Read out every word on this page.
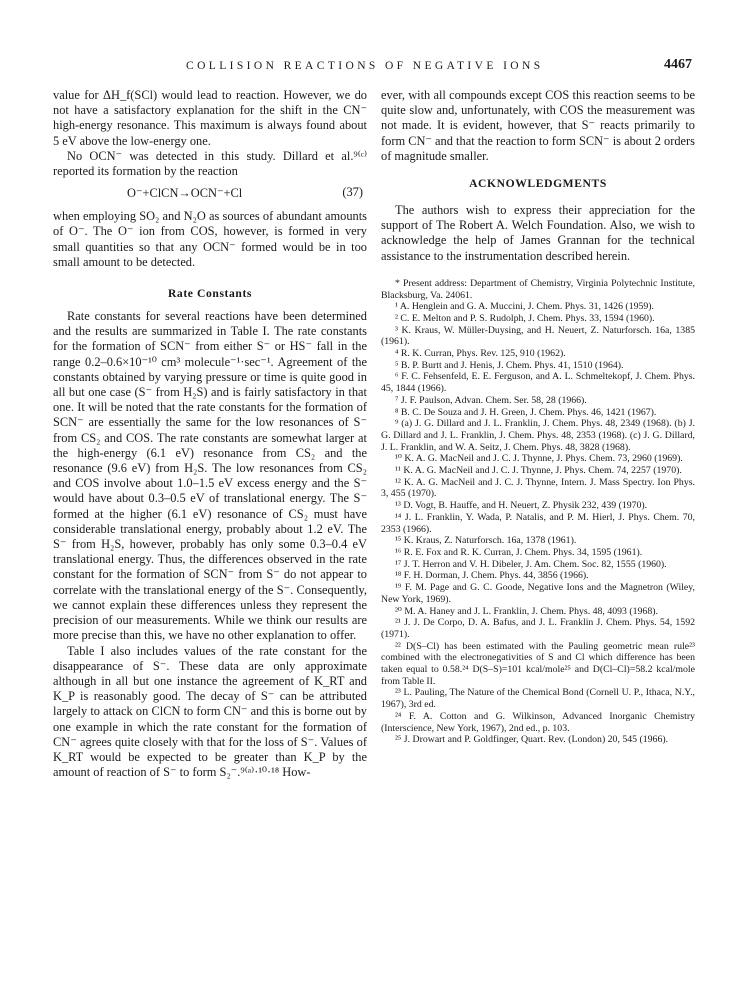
COLLISION REACTIONS OF NEGATIVE IONS	4467

value for ΔH_f(SCl) would lead to reaction. However, we do not have a satisfactory explanation for the shift in the CN⁻ high-energy resonance. This maximum is always found about 5 eV above the low-energy one.

No OCN⁻ was detected in this study. Dillard et al.⁹⁽ᶜ⁾ reported its formation by the reaction

O⁻+ClCN→OCN⁻+Cl	(37)

when employing SO₂ and N₂O as sources of abundant amounts of O⁻. The O⁻ ion from COS, however, is formed in very small quantities so that any OCN⁻ formed would be in too small amount to be detected.

Rate Constants

Rate constants for several reactions have been determined and the results are summarized in Table I. The rate constants for the formation of SCN⁻ from either S⁻ or HS⁻ fall in the range 0.2–0.6×10⁻¹⁰ cm³ molecule⁻¹·sec⁻¹. Agreement of the constants obtained by varying pressure or time is quite good in all but one case (S⁻ from H₂S) and is fairly satisfactory in that one. It will be noted that the rate constants for the formation of SCN⁻ are essentially the same for the low resonances of S⁻ from CS₂ and COS. The rate constants are somewhat larger at the high-energy (6.1 eV) resonance from CS₂ and the resonance (9.6 eV) from H₂S. The low resonances from CS₂ and COS involve about 1.0–1.5 eV excess energy and the S⁻ would have about 0.3–0.5 eV of translational energy. The S⁻ formed at the higher (6.1 eV) resonance of CS₂ must have considerable translational energy, probably about 1.2 eV. The S⁻ from H₂S, however, probably has only some 0.3–0.4 eV translational energy. Thus, the differences observed in the rate constant for the formation of SCN⁻ from S⁻ do not appear to correlate with the translational energy of the S⁻. Consequently, we cannot explain these differences unless they represent the precision of our measurements. While we think our results are more precise than this, we have no other explanation to offer.

Table I also includes values of the rate constant for the disappearance of S⁻. These data are only approximate although in all but one instance the agreement of K_RT and K_P is reasonably good. The decay of S⁻ can be attributed largely to attack on ClCN to form CN⁻ and this is borne out by one example in which the rate constant for the formation of CN⁻ agrees quite closely with that for the loss of S⁻. Values of K_RT would be expected to be greater than K_P by the amount of reaction of S⁻ to form S₂⁻.⁹⁽ᵃ⁾·¹⁰·¹⁸ How-

ever, with all compounds except COS this reaction seems to be quite slow and, unfortunately, with COS the measurement was not made. It is evident, however, that S⁻ reacts primarily to form CN⁻ and that the reaction to form SCN⁻ is about 2 orders of magnitude smaller.

ACKNOWLEDGMENTS

The authors wish to express their appreciation for the support of The Robert A. Welch Foundation. Also, we wish to acknowledge the help of James Grannan for the technical assistance to the instrumentation described herein.

* Present address: Department of Chemistry, Virginia Polytechnic Institute, Blacksburg, Va. 24061.

¹ A. Henglein and G. A. Muccini, J. Chem. Phys. 31, 1426 (1959).

² C. E. Melton and P. S. Rudolph, J. Chem. Phys. 33, 1594 (1960).

³ K. Kraus, W. Müller-Duysing, and H. Neuert, Z. Naturforsch. 16a, 1385 (1961).

⁴ R. K. Curran, Phys. Rev. 125, 910 (1962).

⁵ B. P. Burtt and J. Henis, J. Chem. Phys. 41, 1510 (1964).

⁶ F. C. Fehsenfeld, E. E. Ferguson, and A. L. Schmeltekopf, J. Chem. Phys. 45, 1844 (1966).

⁷ J. F. Paulson, Advan. Chem. Ser. 58, 28 (1966).

⁸ B. C. De Souza and J. H. Green, J. Chem. Phys. 46, 1421 (1967).

⁹ (a) J. G. Dillard and J. L. Franklin, J. Chem. Phys. 48, 2349 (1968). (b) J. G. Dillard and J. L. Franklin, J. Chem. Phys. 48, 2353 (1968). (c) J. G. Dillard, J. L. Franklin, and W. A. Seitz, J. Chem. Phys. 48, 3828 (1968).

¹⁰ K. A. G. MacNeil and J. C. J. Thynne, J. Phys. Chem. 73, 2960 (1969).

¹¹ K. A. G. MacNeil and J. C. J. Thynne, J. Phys. Chem. 74, 2257 (1970).

¹² K. A. G. MacNeil and J. C. J. Thynne, Intern. J. Mass Spectry. Ion Phys. 3, 455 (1970).

¹³ D. Vogt, B. Hauffe, and H. Neuert, Z. Physik 232, 439 (1970).

¹⁴ J. L. Franklin, Y. Wada, P. Natalis, and P. M. Hierl, J. Phys. Chem. 70, 2353 (1966).

¹⁵ K. Kraus, Z. Naturforsch. 16a, 1378 (1961).

¹⁶ R. E. Fox and R. K. Curran, J. Chem. Phys. 34, 1595 (1961).

¹⁷ J. T. Herron and V. H. Dibeler, J. Am. Chem. Soc. 82, 1555 (1960).

¹⁸ F. H. Dorman, J. Chem. Phys. 44, 3856 (1966).

¹⁹ F. M. Page and G. C. Goode, Negative Ions and the Magnetron (Wiley, New York, 1969).

²⁰ M. A. Haney and J. L. Franklin, J. Chem. Phys. 48, 4093 (1968).

²¹ J. J. De Corpo, D. A. Bafus, and J. L. Franklin J. Chem. Phys. 54, 1592 (1971).

²² D(S–Cl) has been estimated with the Pauling geometric mean rule²³ combined with the electronegativities of S and Cl which difference has been taken equal to 0.58.²⁴ D(S–S)=101 kcal/mole²⁵ and D(Cl–Cl)=58.2 kcal/mole from Table II.

²³ L. Pauling, The Nature of the Chemical Bond (Cornell U. P., Ithaca, N.Y., 1967), 3rd ed.

²⁴ F. A. Cotton and G. Wilkinson, Advanced Inorganic Chemistry (Interscience, New York, 1967), 2nd ed., p. 103.

²⁵ J. Drowart and P. Goldfinger, Quart. Rev. (London) 20, 545 (1966).
